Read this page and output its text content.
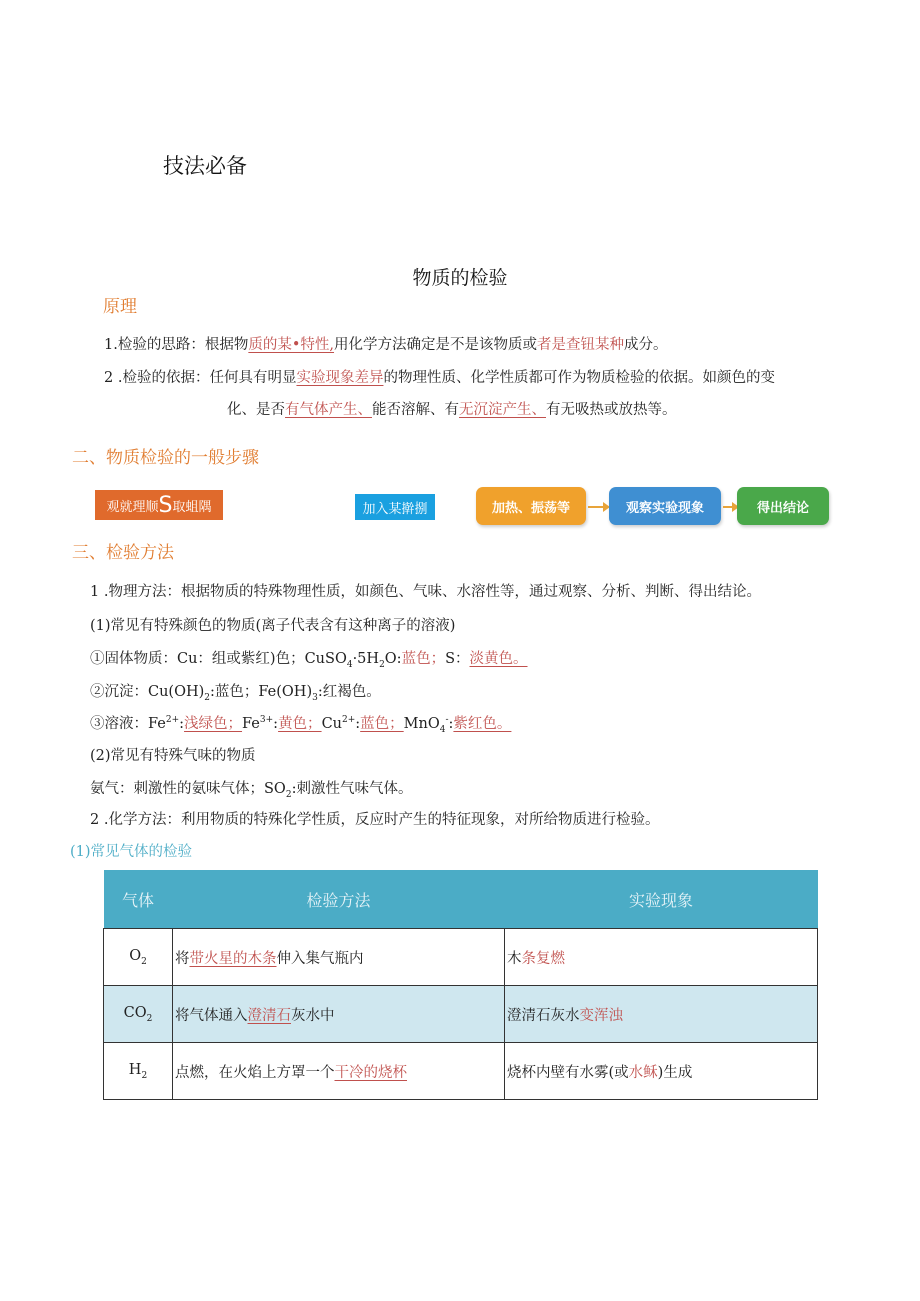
技法必备
物质的检验
原理
1.检验的思路：根据物质的某•特性,用化学方法确定是不是该物质或者是查钮某种成分。
2 .检验的依据：任何具有明显实验现象差异的物理性质、化学性质都可作为物质检验的依据。如颜色的变
化、是否有气体产生、能否溶解、有无沉淀产生、有无吸热或放热等。
二、物质检验的一般步骤
观就理顺 S 取蛆隅	加入某擀捌	加热、振荡等	观察实验现象	得出结论
三、检验方法
1 .物理方法：根据物质的特殊物理性质，如颜色、气味、水溶性等，通过观察、分析、判断、得出结论。
(1)常见有特殊颜色的物质(离子代表含有这种离子的溶液)
①固体物质：Cu：组或紫红)色；$CuSO_4\cdot 5H_2O$:蓝色；S：淡黄色。
②沉淀：$Cu(OH)_2$:蓝色；$Fe(OH)_3$:红褐色。
③溶液：$Fe^{2+}$:浅绿色；$Fe^{3+}$:黄色；$Cu^{2+}$:蓝色；MnO$_4$-:紫红色。
(2)常见有特殊气味的物质
氨气：刺激性的氨味气体；$SO_2$:刺激性气味气体。
2 .化学方法：利用物质的特殊化学性质，反应时产生的特征现象，对所给物质进行检验。
(1)常见气体的检验
气体	检验方法	实验现象
$O_2$	将带火星的木条伸入集气瓶内	木条复燃
$CO_2$	将气体通入澄清石灰水中	澄清石灰水变浑浊
$H_2$	点燃，在火焰上方罩一个干冷的烧杯	烧杯内壁有水雾(或水稣)生成
